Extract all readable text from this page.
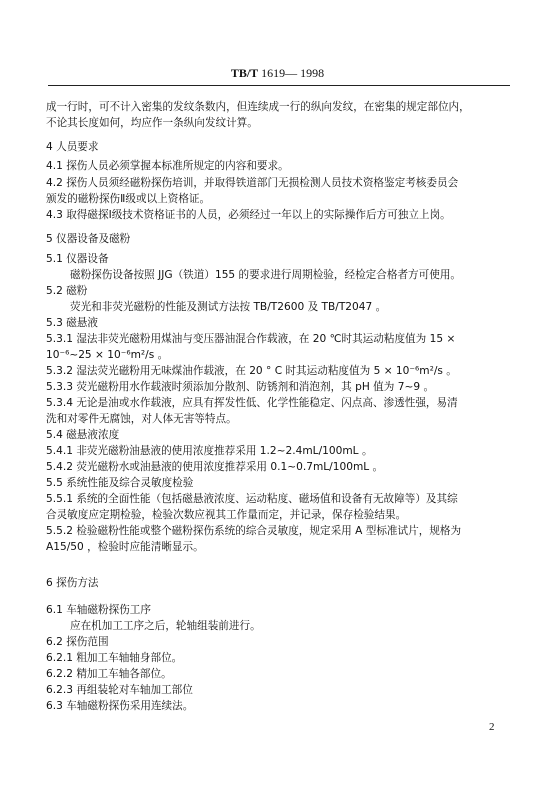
TB/T 1619— 1998
成一行时，可不计入密集的发纹条数内，但连续成一行的纵向发纹，在密集的规定部位内，
不论其长度如何，均应作一条纵向发纹计算。
4 人员要求
4.1 探伤人员必须掌握本标准所规定的内容和要求。
4.2 探伤人员须经磁粉探伤培训，并取得铁道部门无损检测人员技术资格鉴定考核委员会
颁发的磁粉探伤Ⅱ级或以上资格证。
4.3 取得磁探Ⅰ级技术资格证书的人员，必须经过一年以上的实际操作后方可独立上岗。
5 仪器设备及磁粉
5.1 仪器设备
磁粉探伤设备按照 JJG（铁道）155 的要求进行周期检验，经检定合格者方可使用。
5.2 磁粉
荧光和非荧光磁粉的性能及测试方法按 TB/T2600 及 TB/T2047 。
5.3 磁悬液
5.3.1 湿法非荧光磁粉用煤油与变压器油混合作载液，在 20 ℃时其运动粘度值为 15 ×
10⁻⁶~25 × 10⁻⁶m²/s 。
5.3.2 湿法荧光磁粉用无味煤油作载液，在 20 ° C 时其运动粘度值为 5 × 10⁻⁶m²/s 。
5.3.3 荧光磁粉用水作载液时须添加分散剂、防锈剂和消泡剂，其 pH 值为 7~9 。
5.3.4 无论是油或水作载液，应具有挥发性低、化学性能稳定、闪点高、渗透性强，易清
洗和对零件无腐蚀，对人体无害等特点。
5.4 磁悬液浓度
5.4.1 非荧光磁粉油悬液的使用浓度推荐采用 1.2~2.4mL/100mL 。
5.4.2 荧光磁粉水或油悬液的使用浓度推荐采用 0.1~0.7mL/100mL 。
5.5 系统性能及综合灵敏度检验
5.5.1 系统的全面性能（包括磁悬液浓度、运动粘度、磁场值和设备有无故障等）及其综
合灵敏度应定期检验，检验次数应视其工作量而定，并记录，保存检验结果。
5.5.2 检验磁粉性能或整个磁粉探伤系统的综合灵敏度，规定采用 A 型标准试片，规格为
A15/50 ，检验时应能清晰显示。
6 探伤方法
6.1 车轴磁粉探伤工序
应在机加工工序之后，轮轴组装前进行。
6.2 探伤范围
6.2.1 粗加工车轴轴身部位。
6.2.2 精加工车轴各部位。
6.2.3 再组装轮对车轴加工部位
6.3 车轴磁粉探伤采用连续法。
2
